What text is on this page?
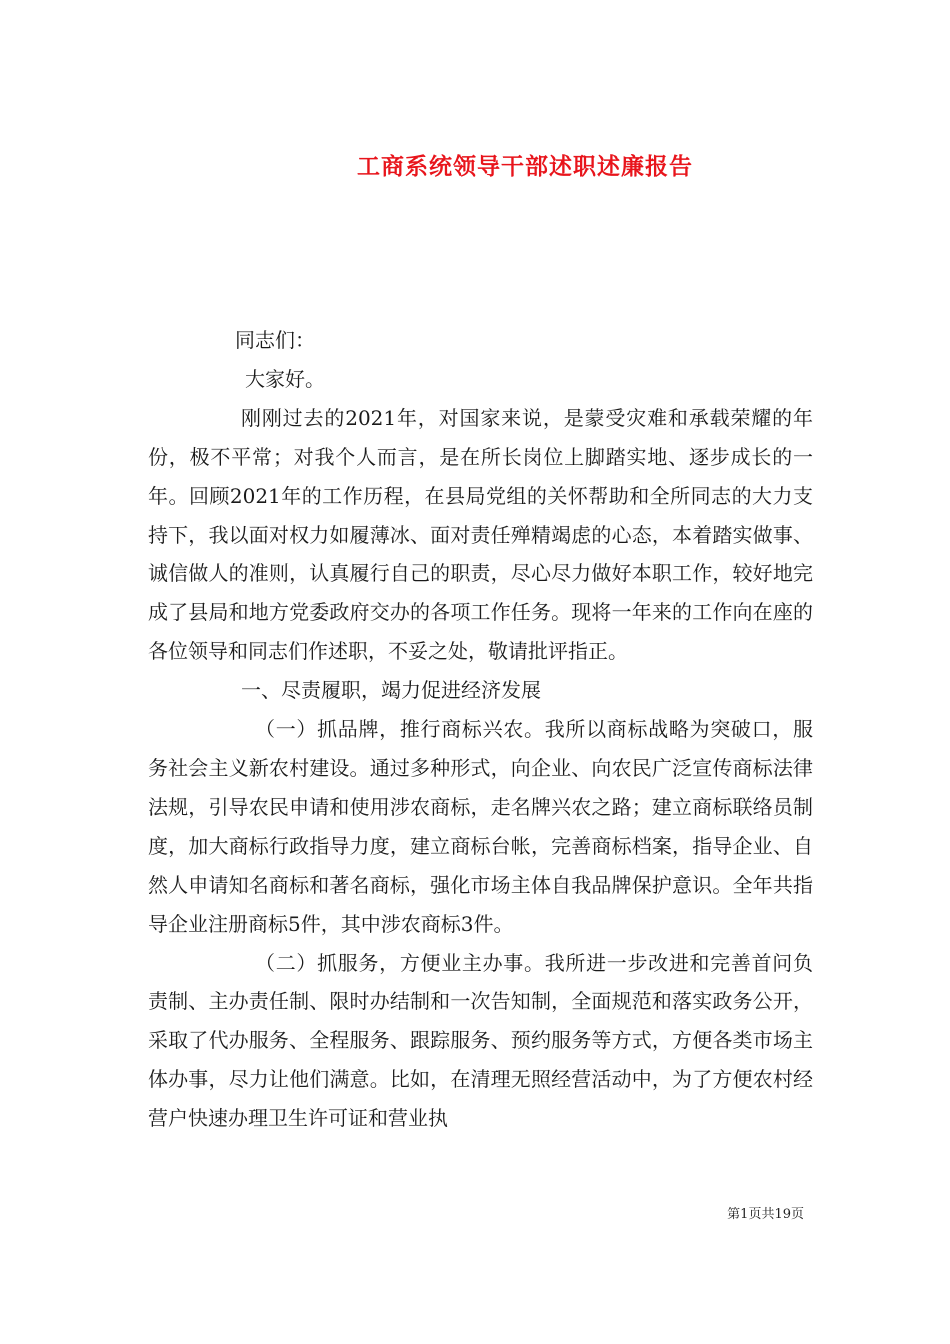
工商系统领导干部述职述廉报告

同志们：

大家好。

刚刚过去的2021年，对国家来说，是蒙受灾难和承载荣耀的年份，极不平常；对我个人而言，是在所长岗位上脚踏实地、逐步成长的一年。回顾2021年的工作历程，在县局党组的关怀帮助和全所同志的大力支持下，我以面对权力如履薄冰、面对责任殚精竭虑的心态，本着踏实做事、诚信做人的准则，认真履行自己的职责，尽心尽力做好本职工作，较好地完成了县局和地方党委政府交办的各项工作任务。现将一年来的工作向在座的各位领导和同志们作述职，不妥之处，敬请批评指正。

一、尽责履职，竭力促进经济发展

（一）抓品牌，推行商标兴农。我所以商标战略为突破口，服务社会主义新农村建设。通过多种形式，向企业、向农民广泛宣传商标法律法规，引导农民申请和使用涉农商标，走名牌兴农之路；建立商标联络员制度，加大商标行政指导力度，建立商标台帐，完善商标档案，指导企业、自然人申请知名商标和著名商标，强化市场主体自我品牌保护意识。全年共指导企业注册商标5件，其中涉农商标3件。

（二）抓服务，方便业主办事。我所进一步改进和完善首问负责制、主办责任制、限时办结制和一次告知制，全面规范和落实政务公开，采取了代办服务、全程服务、跟踪服务、预约服务等方式，方便各类市场主体办事，尽力让他们满意。比如，在清理无照经营活动中，为了方便农村经营户快速办理卫生许可证和营业执

第1页共19页
